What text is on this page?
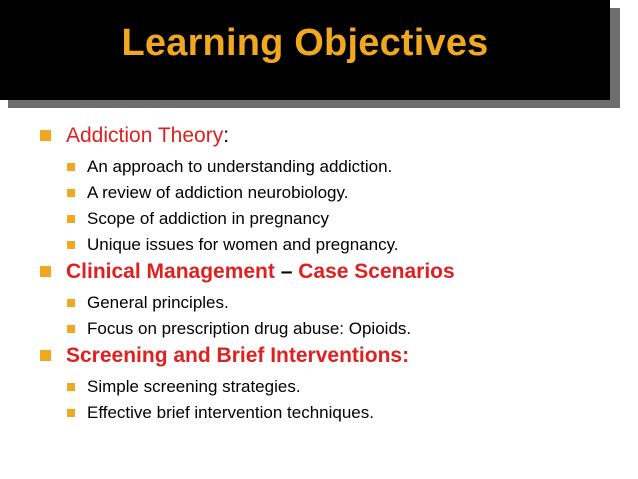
Learning Objectives
Addiction Theory:
An approach to understanding addiction.
A review of addiction neurobiology.
Scope of addiction in pregnancy
Unique issues for women and pregnancy.
Clinical Management – Case Scenarios
General principles.
Focus on prescription drug abuse: Opioids.
Screening and Brief Interventions:
Simple screening strategies.
Effective brief intervention techniques.
